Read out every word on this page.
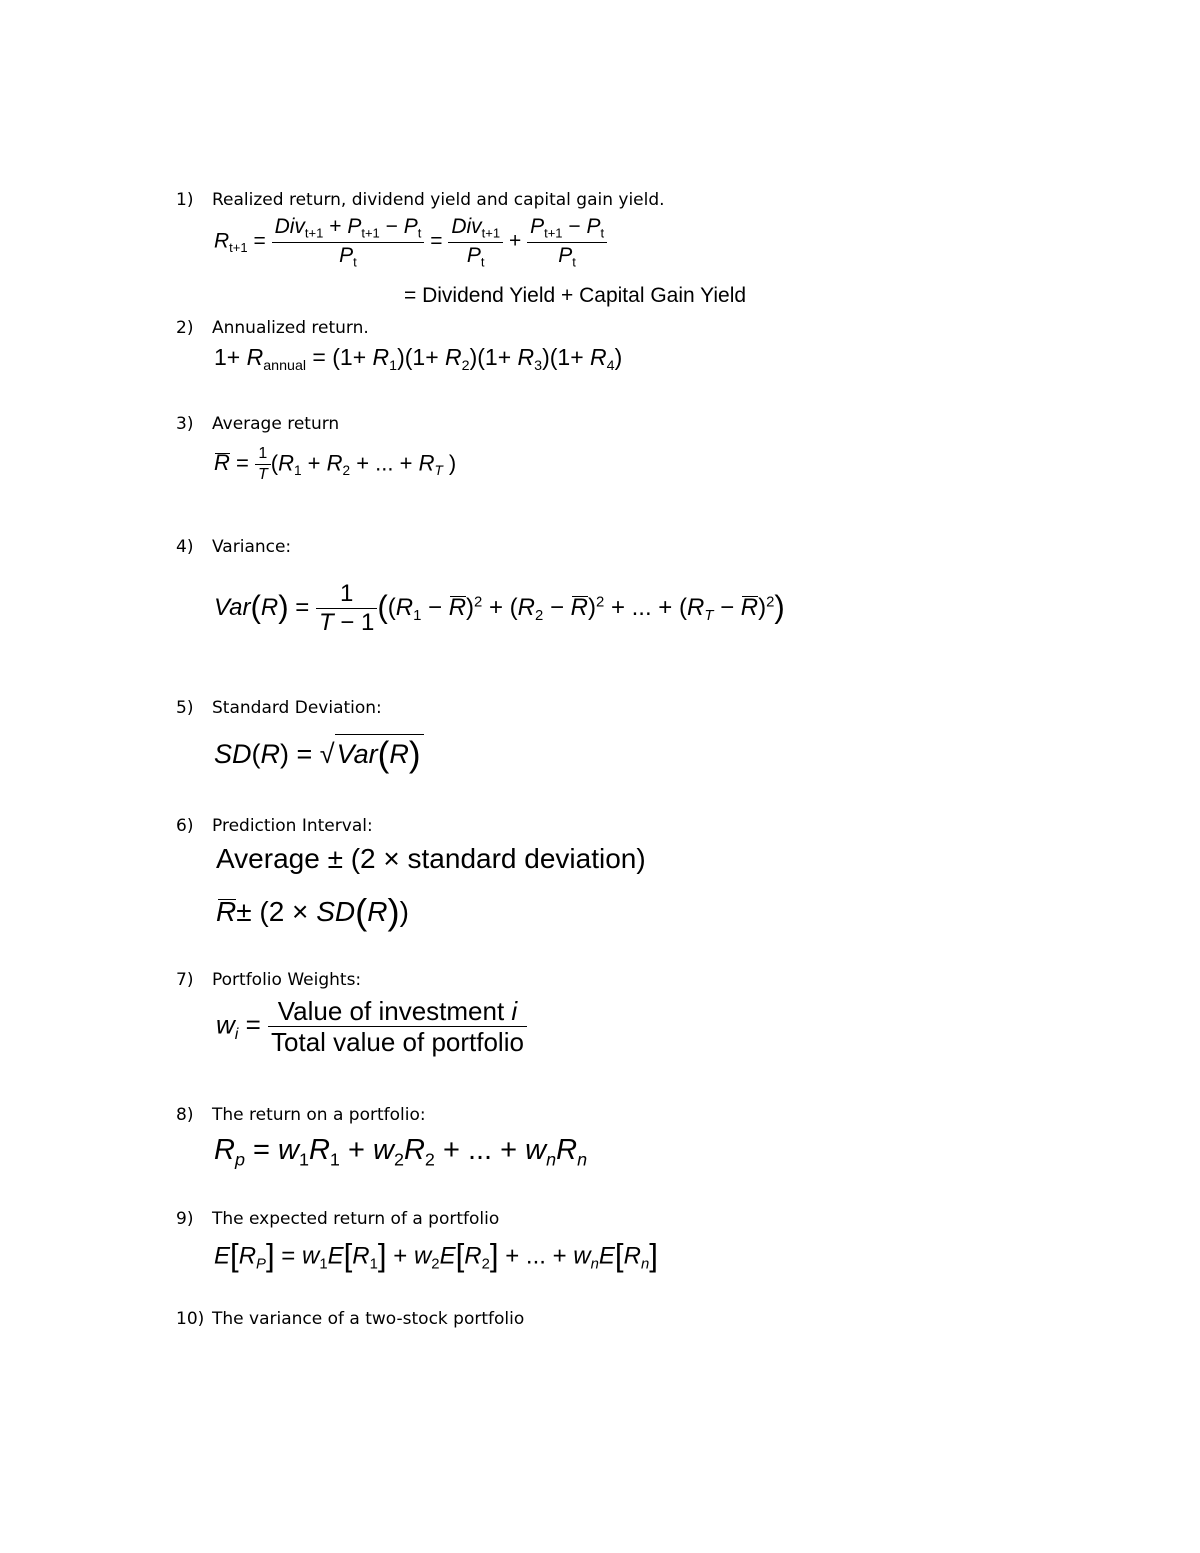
1) Realized return, dividend yield and capital gain yield.
$R_{t+1} = \frac{Div_{t+1} + P_{t+1} - P_t}{P_t} = \frac{Div_{t+1}}{P_t} + \frac{P_{t+1} - P_t}{P_t}$
= Dividend Yield + Capital Gain Yield
2) Annualized return.
$1+ R_{annual} = (1+ R_1)(1+ R_2)(1+ R_3)(1+ R_4)$
3) Average return
$R = \frac{1}{T} (R_1 + R_2$ + ... + $R_T$ )
4) Variance:
$Var(R) = \frac{1}{T - 1} ((R_1 - R)^2 + (R_2 - R)^2$ + ... + $(R_T - R)^2$)
5) Standard Deviation:
SD(R) = √Var(R)
6) Prediction Interval:
Average ± (2 × standard deviation)
R± (2 × SD(R))
7) Portfolio Weights:
$w_i = \frac{\text{Value of investment i}}{\text{Total value of portfolio}}$
8) The return on a portfolio:
$R_p = w_1R_1 + w_2R_2$ + ... + $w_nR_n$
9) The expected return of a portfolio
$E[R_P] = w_1E[R_1] + w_2E[R_2]$ + ... + $w_nE[R_n]$
10) The variance of a two-stock portfolio
